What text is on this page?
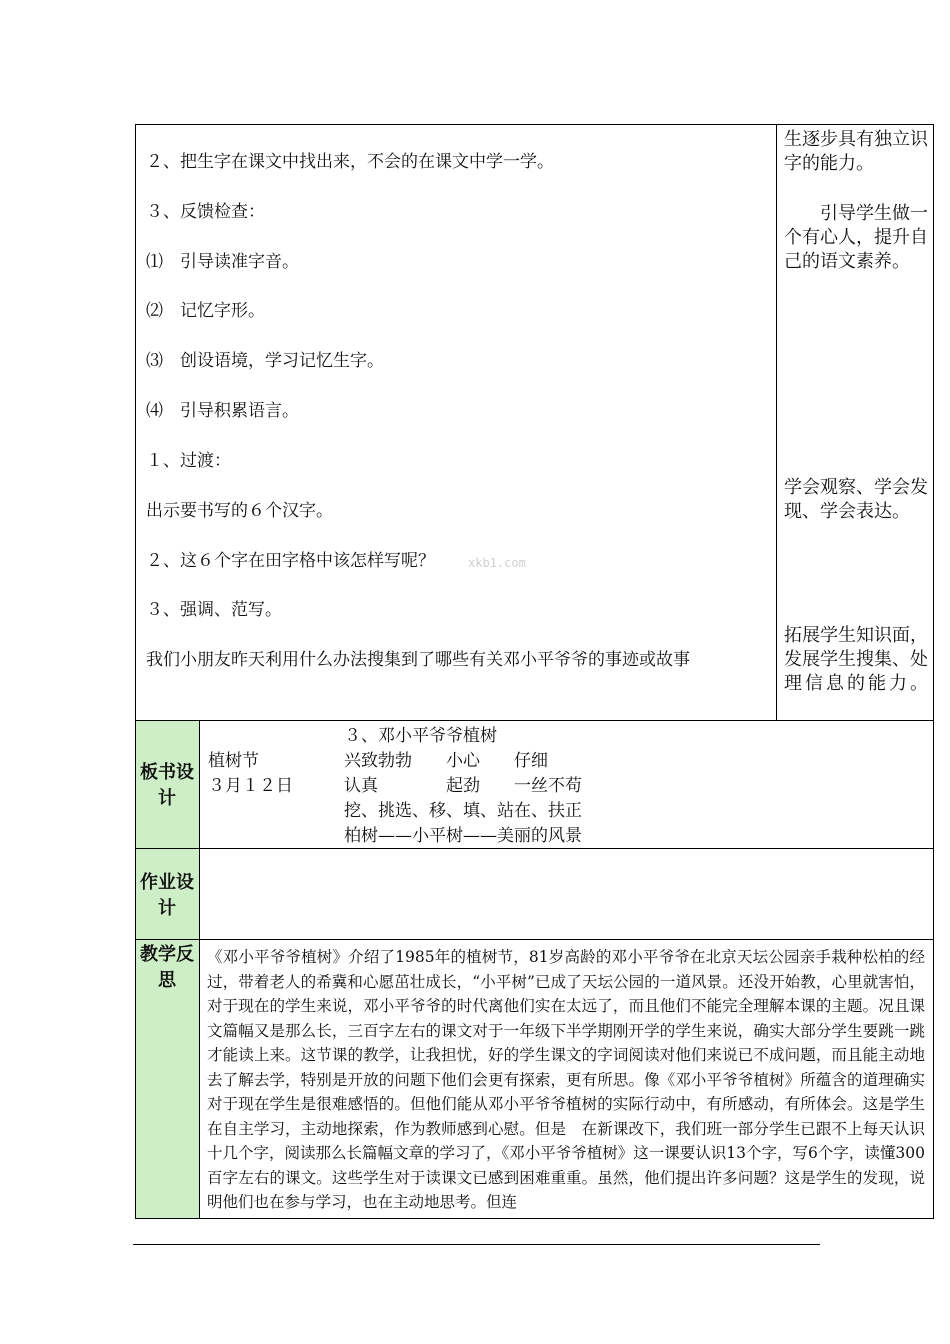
２、把生字在课文中找出来，不会的在课文中学一学。
３、反馈检查：
⑴　引导读准字音。
⑵　记忆字形。
⑶　创设语境，学习记忆生字。
⑷　引导积累语言。
１、过渡：
出示要书写的６个汉字。
２、这６个字在田字格中该怎样写呢？
３、强调、范写。
我们小朋友昨天利用什么办法搜集到了哪些有关邓小平爷爷的事迹或故事
xkb1.com
生逐步具有独立识字的能力。
　　引导学生做一个有心人，提升自己的语文素养。
学会观察、学会发现、学会表达。
拓展学生知识面，发展学生搜集、处理信息的能力。
板书设计
　　　　　　　　３、邓小平爷爷植树
植树节　　　　　兴致勃勃　　小心　　仔细
３月１２日　　　认真　　　　起劲　　一丝不苟
　　　　　　　　挖、挑选、移、填、站在、扶正
　　　　　　　　柏树——小平树——美丽的风景
作业设计
教学反思
《邓小平爷爷植树》介绍了1985年的植树节，81岁高龄的邓小平爷爷在北京天坛公园亲手栽种松柏的经过，带着老人的希冀和心愿茁壮成长，“小平树”已成了天坛公园的一道风景。还没开始教，心里就害怕，对于现在的学生来说，邓小平爷爷的时代离他们实在太远了，而且他们不能完全理解本课的主题。况且课文篇幅又是那么长，三百字左右的课文对于一年级下半学期刚开学的学生来说，确实大部分学生要跳一跳才能读上来。这节课的教学，让我担忧，好的学生课文的字词阅读对他们来说已不成问题，而且能主动地去了解去学，特别是开放的问题下他们会更有探索，更有所思。像《邓小平爷爷植树》所蕴含的道理确实对于现在学生是很难感悟的。但他们能从邓小平爷爷植树的实际行动中，有所感动，有所体会。这是学生在自主学习，主动地探索，作为教师感到心慰。但是　在新课改下，我们班一部分学生已跟不上每天认识十几个字，阅读那么长篇幅文章的学习了，《邓小平爷爷植树》这一课要认识13个字，写6个字，读懂300百字左右的课文。这些学生对于读课文已感到困难重重。虽然，他们提出许多问题？这是学生的发现，说明他们也在参与学习，也在主动地思考。但连
